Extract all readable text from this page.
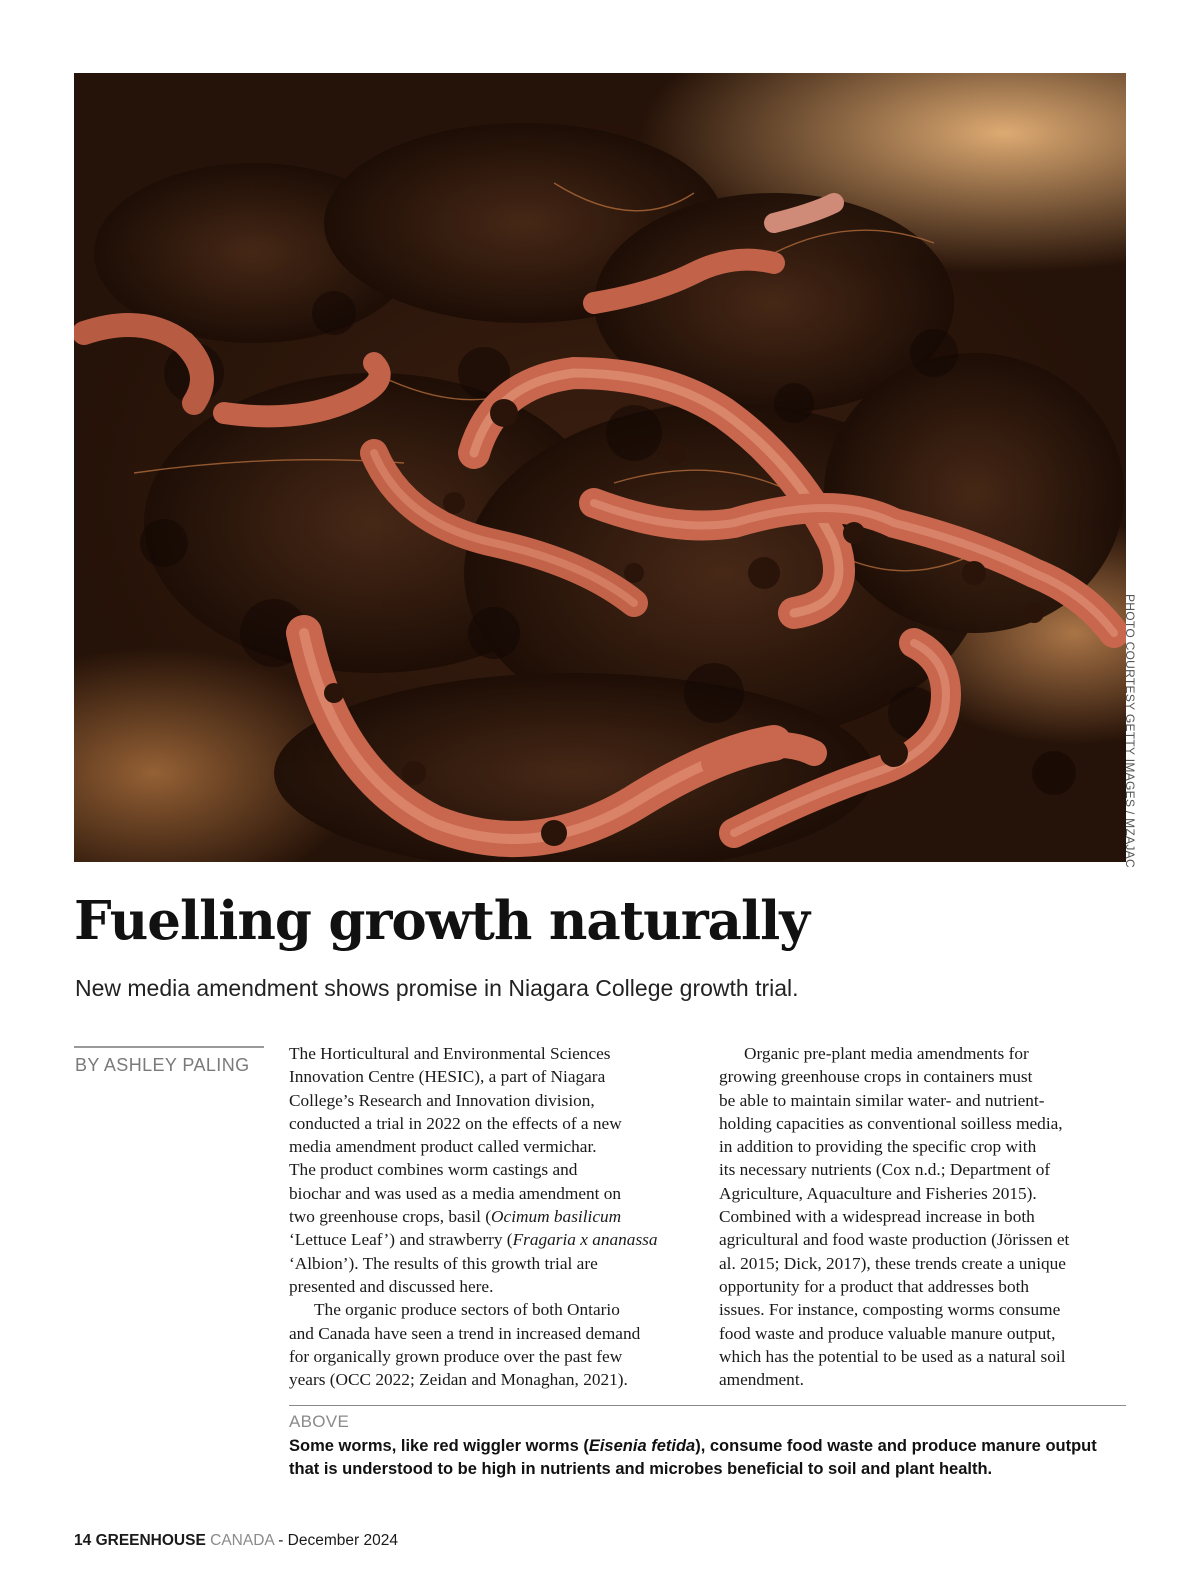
PHOTO COURTESY GETTY IMAGES / MZAJAC
Fuelling growth naturally

New media amendment shows promise in Niagara College growth trial.

BY ASHLEY PALING

The Horticultural and Environmental Sciences
Innovation Centre (HESIC), a part of Niagara
College’s Research and Innovation division,
conducted a trial in 2022 on the effects of a new
media amendment product called vermichar.
The product combines worm castings and
biochar and was used as a media amendment on
two greenhouse crops, basil (Ocimum basilicum
‘Lettuce Leaf’) and strawberry (Fragaria x ananassa
‘Albion’). The results of this growth trial are
presented and discussed here.

The organic produce sectors of both Ontario
and Canada have seen a trend in increased demand
for organically grown produce over the past few
years (OCC 2022; Zeidan and Monaghan, 2021).

Organic pre-plant media amendments for
growing greenhouse crops in containers must
be able to maintain similar water- and nutrient-
holding capacities as conventional soilless media,
in addition to providing the specific crop with
its necessary nutrients (Cox n.d.; Department of
Agriculture, Aquaculture and Fisheries 2015).
Combined with a widespread increase in both
agricultural and food waste production (Jörissen et
al. 2015; Dick, 2017), these trends create a unique
opportunity for a product that addresses both
issues. For instance, composting worms consume
food waste and produce valuable manure output,
which has the potential to be used as a natural soil
amendment.

ABOVE
Some worms, like red wiggler worms (Eisenia fetida), consume food waste and produce manure output
that is understood to be high in nutrients and microbes beneficial to soil and plant health.
14 GREENHOUSE CANADA - December 2024
